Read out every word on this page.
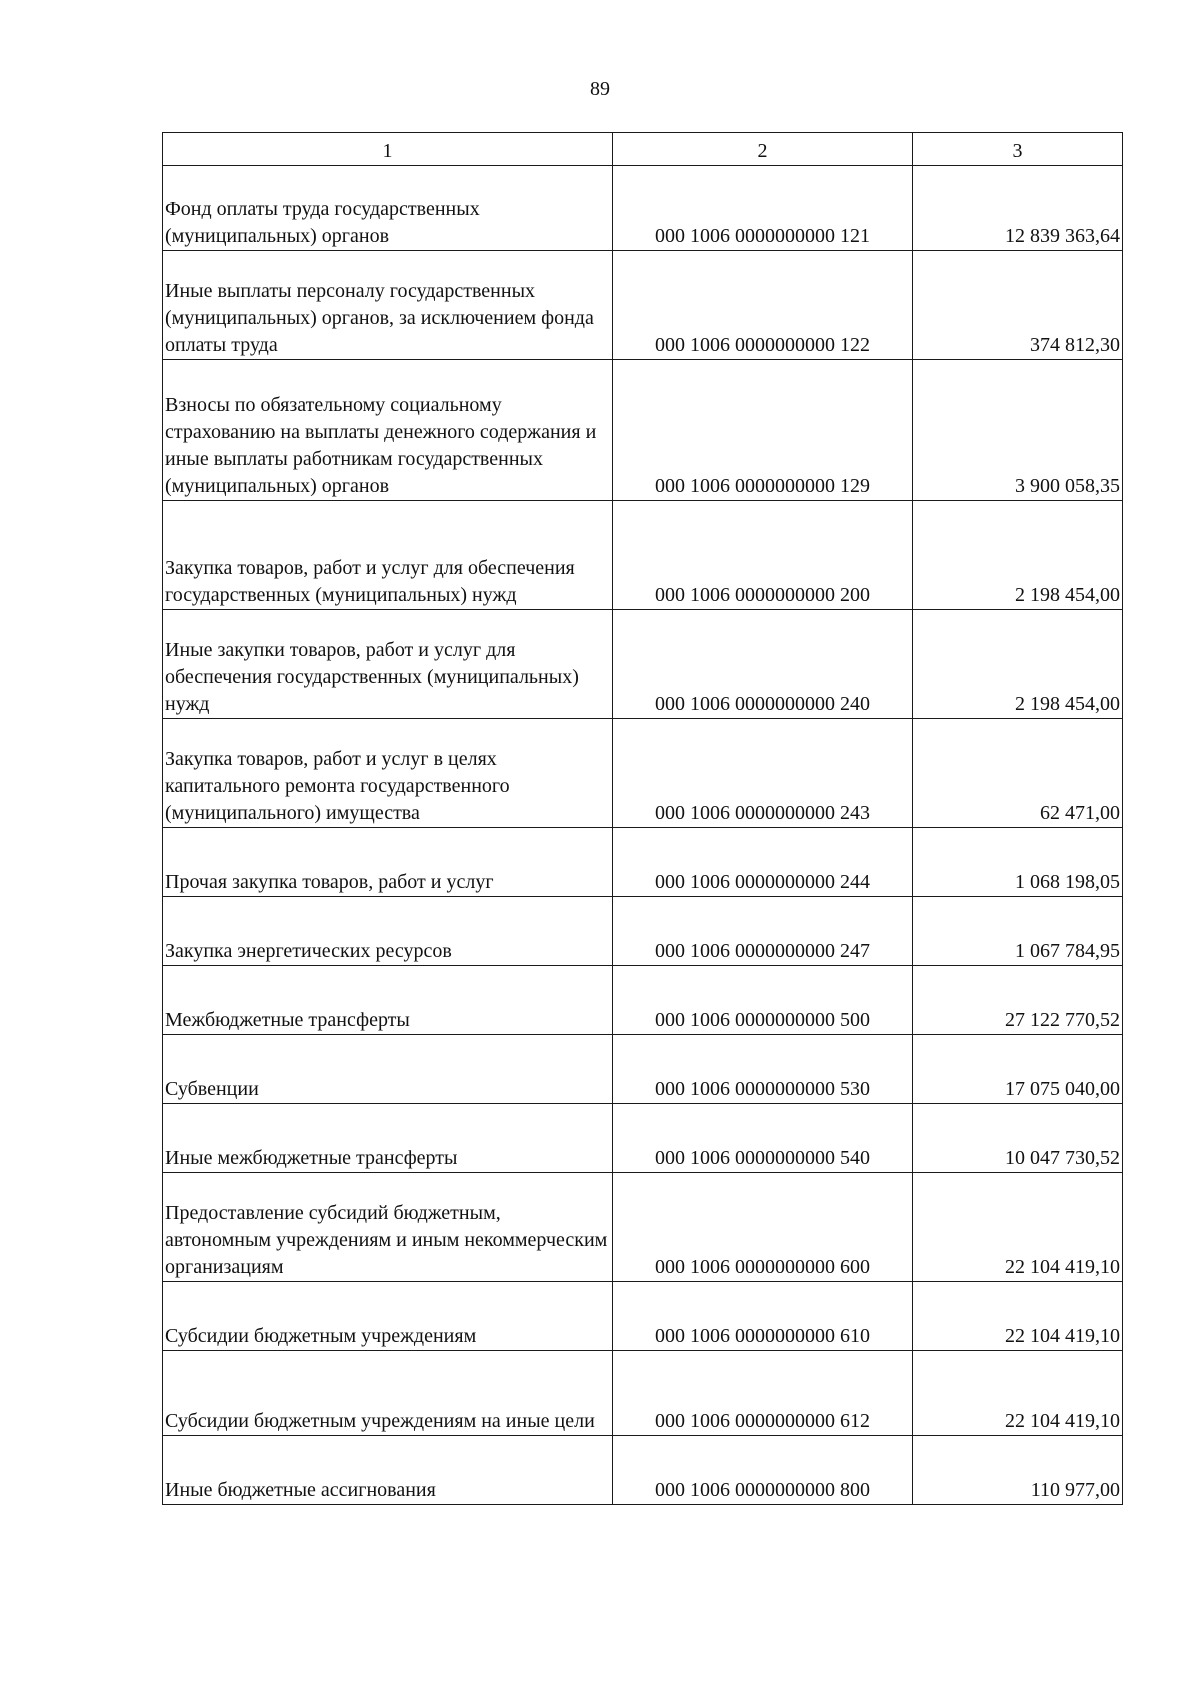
89
1	2	3
Фонд оплаты труда государственных (муниципальных) органов	000 1006 0000000000 121	12 839 363,64
Иные выплаты персоналу государственных (муниципальных) органов, за исключением фонда оплаты труда	000 1006 0000000000 122	374 812,30
Взносы по обязательному социальному страхованию на выплаты денежного содержания и иные выплаты работникам государственных (муниципальных) органов	000 1006 0000000000 129	3 900 058,35
Закупка товаров, работ и услуг для обеспечения государственных (муниципальных) нужд	000 1006 0000000000 200	2 198 454,00
Иные закупки товаров, работ и услуг для обеспечения государственных (муниципальных) нужд	000 1006 0000000000 240	2 198 454,00
Закупка товаров, работ и услуг в целях капитального ремонта государственного (муниципального) имущества	000 1006 0000000000 243	62 471,00
Прочая закупка товаров, работ и услуг	000 1006 0000000000 244	1 068 198,05
Закупка энергетических ресурсов	000 1006 0000000000 247	1 067 784,95
Межбюджетные трансферты	000 1006 0000000000 500	27 122 770,52
Субвенции	000 1006 0000000000 530	17 075 040,00
Иные межбюджетные трансферты	000 1006 0000000000 540	10 047 730,52
Предоставление субсидий бюджетным, автономным учреждениям и иным некоммерческим организациям	000 1006 0000000000 600	22 104 419,10
Субсидии бюджетным учреждениям	000 1006 0000000000 610	22 104 419,10
Субсидии бюджетным учреждениям на иные цели	000 1006 0000000000 612	22 104 419,10
Иные бюджетные ассигнования	000 1006 0000000000 800	110 977,00
